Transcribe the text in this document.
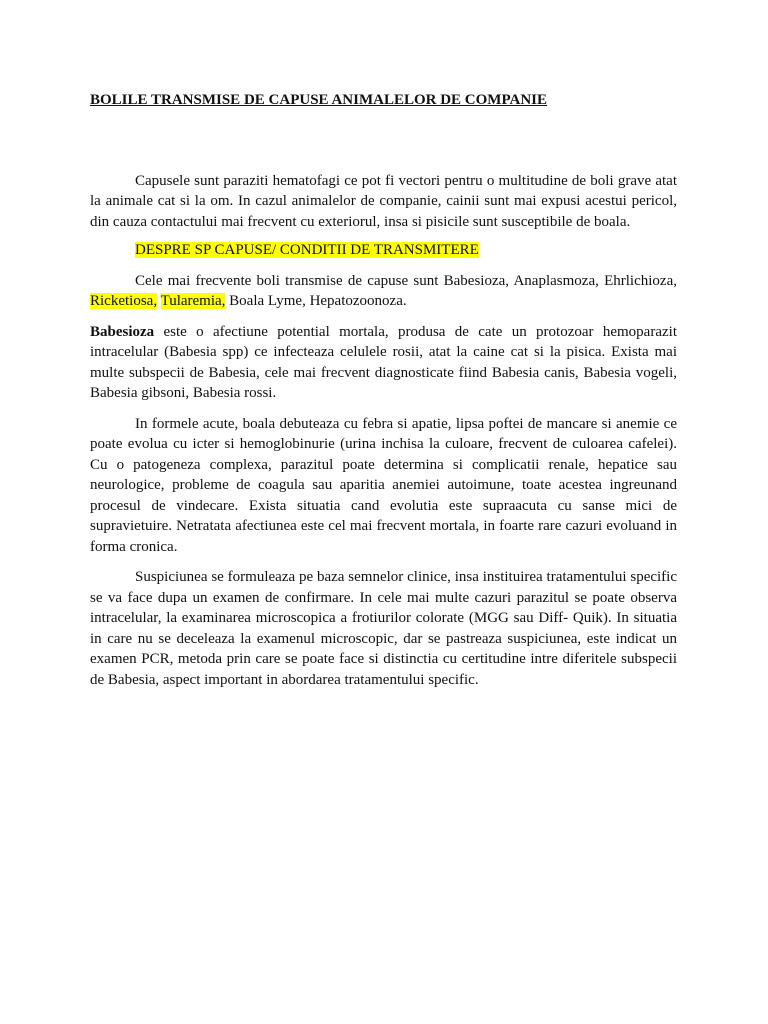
BOLILE TRANSMISE DE CAPUSE ANIMALELOR DE COMPANIE

Capusele sunt paraziti hematofagi ce pot fi vectori pentru o multitudine de boli grave atat la animale cat si la om. In cazul animalelor de companie, cainii sunt mai expusi acestui pericol, din cauza contactului mai frecvent cu exteriorul, insa si pisicile sunt susceptibile de boala.

DESPRE SP CAPUSE/ CONDITII DE TRANSMITERE

Cele mai frecvente boli transmise de capuse sunt Babesioza, Anaplasmoza, Ehrlichioza, Ricketiosa, Tularemia, Boala Lyme, Hepatozoonoza.

Babesioza este o afectiune potential mortala, produsa de cate un protozoar hemoparazit intracelular (Babesia spp) ce infecteaza celulele rosii, atat la caine cat si la pisica. Exista mai multe subspecii de Babesia, cele mai frecvent diagnosticate fiind Babesia canis, Babesia vogeli, Babesia gibsoni, Babesia rossi.

In formele acute, boala debuteaza cu febra si apatie, lipsa poftei de mancare si anemie ce poate evolua cu icter si hemoglobinurie (urina inchisa la culoare, frecvent de culoarea cafelei). Cu o patogeneza complexa, parazitul poate determina si complicatii renale, hepatice sau neurologice, probleme de coagula sau aparitia anemiei autoimune, toate acestea ingreunand procesul de vindecare. Exista situatia cand evolutia este supraacuta cu sanse mici de supravietuire. Netratata afectiunea este cel mai frecvent mortala, in foarte rare cazuri evoluand in forma cronica.

Suspiciunea se formuleaza pe baza semnelor clinice, insa instituirea tratamentului specific se va face dupa un examen de confirmare. In cele mai multe cazuri parazitul se poate observa intracelular, la examinarea microscopica a frotiurilor colorate (MGG sau Diff- Quik). In situatia in care nu se deceleaza la examenul microscopic, dar se pastreaza suspiciunea, este indicat un examen PCR, metoda prin care se poate face si distinctia cu certitudine intre diferitele subspecii de Babesia, aspect important in abordarea tratamentului specific.
